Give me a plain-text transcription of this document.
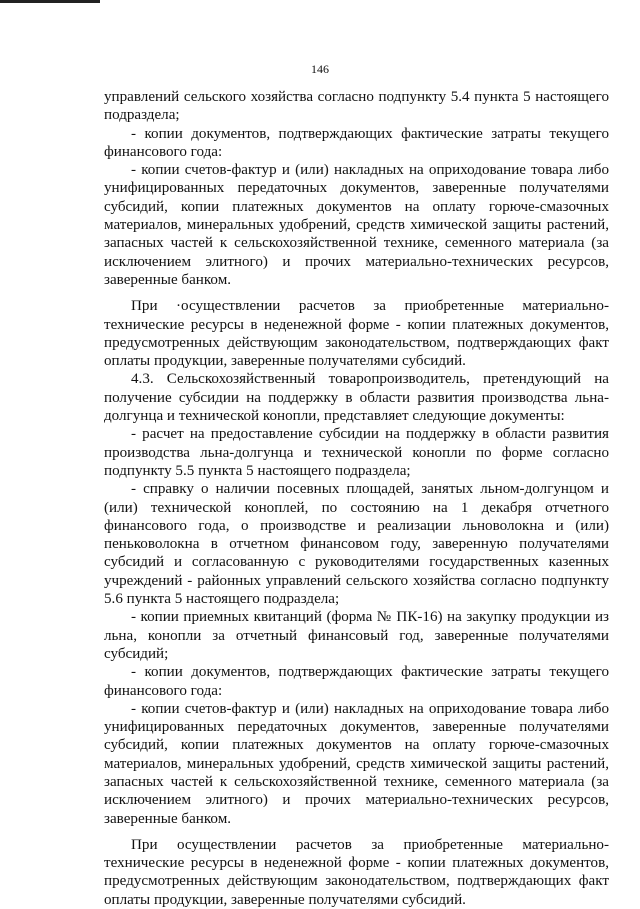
146

управлений сельского хозяйства согласно подпункту 5.4 пункта 5 настоящего подраздела;

- копии документов, подтверждающих фактические затраты текущего финансового года:

- копии счетов-фактур и (или) накладных на оприходование товара либо унифицированных передаточных документов, заверенные получателями субсидий, копии платежных документов на оплату горюче-смазочных материалов, минеральных удобрений, средств химической защиты растений, запасных частей к сельскохозяйственной технике, семенного материала (за исключением элитного) и прочих материально-технических ресурсов, заверенные банком.

При ·осуществлении расчетов за приобретенные материально-технические ресурсы в неденежной форме - копии платежных документов, предусмотренных действующим законодательством, подтверждающих факт оплаты продукции, заверенные получателями субсидий.

4.3. Сельскохозяйственный товаропроизводитель, претендующий на получение субсидии на поддержку в области развития производства льна-долгунца и технической конопли, представляет следующие документы:

- расчет на предоставление субсидии на поддержку в области развития производства льна-долгунца и технической конопли по форме согласно подпункту 5.5 пункта 5 настоящего подраздела;

- справку о наличии посевных площадей, занятых льном-долгунцом и (или) технической коноплей, по состоянию на 1 декабря отчетного финансового года, о производстве и реализации льноволокна и (или) пеньковолокна в отчетном финансовом году, заверенную получателями субсидий и согласованную с руководителями государственных казенных учреждений - районных управлений сельского хозяйства согласно подпункту 5.6 пункта 5 настоящего подраздела;

- копии приемных квитанций (форма № ПК-16) на закупку продукции из льна, конопли за отчетный финансовый год, заверенные получателями субсидий;

- копии документов, подтверждающих фактические затраты текущего финансового года:

- копии счетов-фактур и (или) накладных на оприходование товара либо унифицированных передаточных документов, заверенные получателями субсидий, копии платежных документов на оплату горюче-смазочных материалов, минеральных удобрений, средств химической защиты растений, запасных частей к сельскохозяйственной технике, семенного материала (за исключением элитного) и прочих материально-технических ресурсов, заверенные банком.

При осуществлении расчетов за приобретенные материально-технические ресурсы в неденежной форме - копии платежных документов, предусмотренных действующим законодательством, подтверждающих факт оплаты продукции, заверенные получателями субсидий.
